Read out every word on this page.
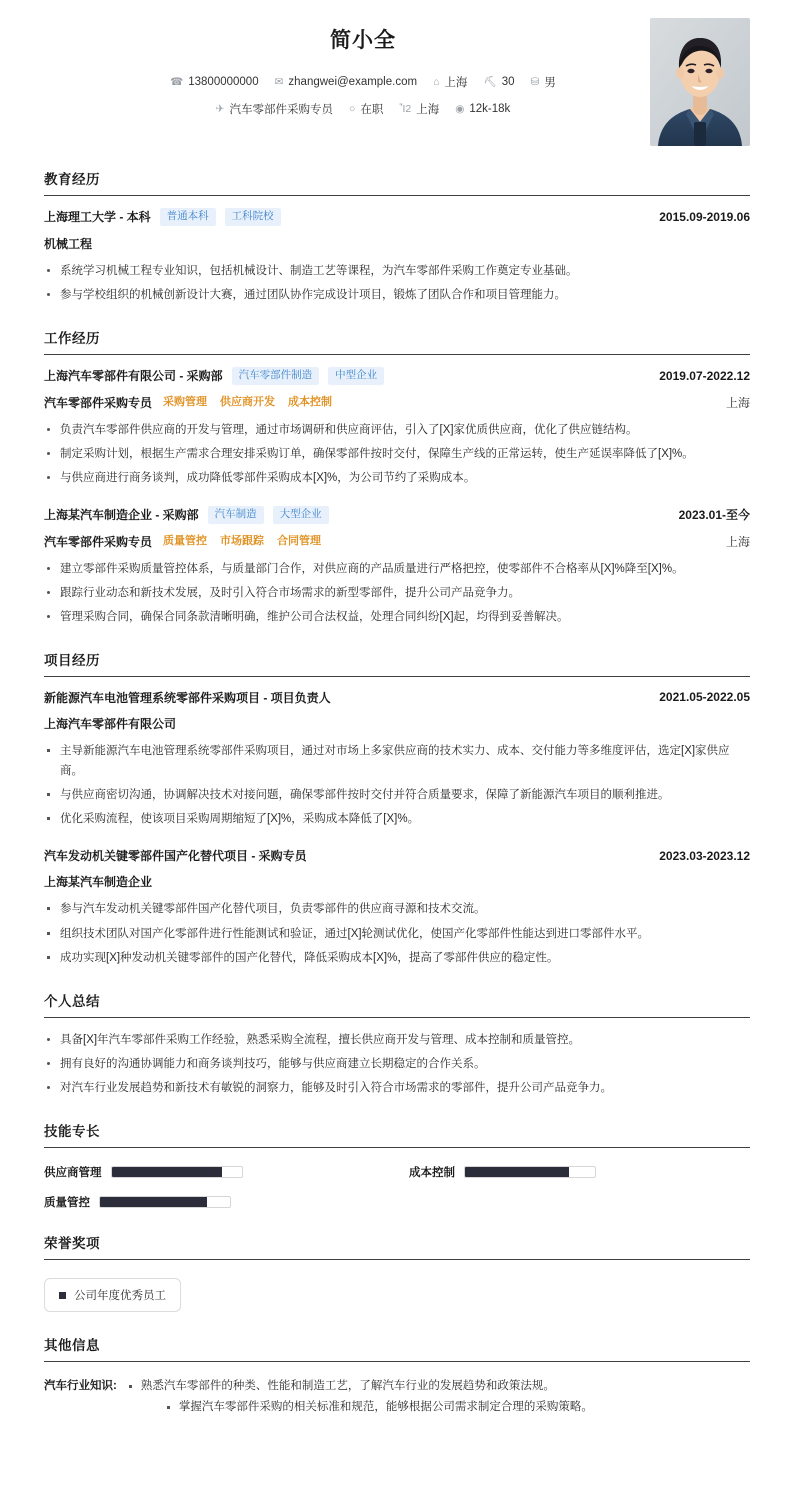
简小全
☎ 13800000000 ✉ zhangwei@example.com ⌂ 上海 ⛏ 30 ⛁ 男
✈ 汽车零部件采购专员 ○ 在职 Ἶ2 上海 ◉ 12k-18k
教育经历
上海理工大学 - 本科	普通本科	工科院校	2015.09-2019.06
机械工程
系统学习机械工程专业知识，包括机械设计、制造工艺等课程，为汽车零部件采购工作奠定专业基础。
参与学校组织的机械创新设计大赛，通过团队协作完成设计项目，锻炼了团队合作和项目管理能力。
工作经历
上海汽车零部件有限公司 - 采购部	汽车零部件制造	中型企业	2019.07-2022.12
汽车零部件采购专员 采购管理 供应商开发 成本控制	上海
负责汽车零部件供应商的开发与管理，通过市场调研和供应商评估，引入了[X]家优质供应商，优化了供应链结构。
制定采购计划，根据生产需求合理安排采购订单，确保零部件按时交付，保障生产线的正常运转，使生产延误率降低了[X]%。
与供应商进行商务谈判，成功降低零部件采购成本[X]%，为公司节约了采购成本。
上海某汽车制造企业 - 采购部	汽车制造	大型企业	2023.01-至今
汽车零部件采购专员 质量管控 市场跟踪 合同管理	上海
建立零部件采购质量管控体系，与质量部门合作，对供应商的产品质量进行严格把控，使零部件不合格率从[X]%降至[X]%。
跟踪行业动态和新技术发展，及时引入符合市场需求的新型零部件，提升公司产品竞争力。
管理采购合同，确保合同条款清晰明确，维护公司合法权益，处理合同纠纷[X]起，均得到妥善解决。
项目经历
新能源汽车电池管理系统零部件采购项目 - 项目负责人	2021.05-2022.05
上海汽车零部件有限公司
主导新能源汽车电池管理系统零部件采购项目，通过对市场上多家供应商的技术实力、成本、交付能力等多维度评估，选定[X]家供应商。
与供应商密切沟通，协调解决技术对接问题，确保零部件按时交付并符合质量要求，保障了新能源汽车项目的顺利推进。
优化采购流程，使该项目采购周期缩短了[X]%，采购成本降低了[X]%。
汽车发动机关键零部件国产化替代项目 - 采购专员	2023.03-2023.12
上海某汽车制造企业
参与汽车发动机关键零部件国产化替代项目，负责零部件的供应商寻源和技术交流。
组织技术团队对国产化零部件进行性能测试和验证，通过[X]轮测试优化，使国产化零部件性能达到进口零部件水平。
成功实现[X]种发动机关键零部件的国产化替代，降低采购成本[X]%，提高了零部件供应的稳定性。
个人总结
具备[X]年汽车零部件采购工作经验，熟悉采购全流程，擅长供应商开发与管理、成本控制和质量管控。
拥有良好的沟通协调能力和商务谈判技巧，能够与供应商建立长期稳定的合作关系。
对汽车行业发展趋势和新技术有敏锐的洞察力，能够及时引入符合市场需求的零部件，提升公司产品竞争力。
技能专长
供应商管理	成本控制
质量管控
荣誉奖项
公司年度优秀员工
其他信息
汽车行业知识:	熟悉汽车零部件的种类、性能和制造工艺，了解汽车行业的发展趋势和政策法规。
掌握汽车零部件采购的相关标准和规范，能够根据公司需求制定合理的采购策略。
